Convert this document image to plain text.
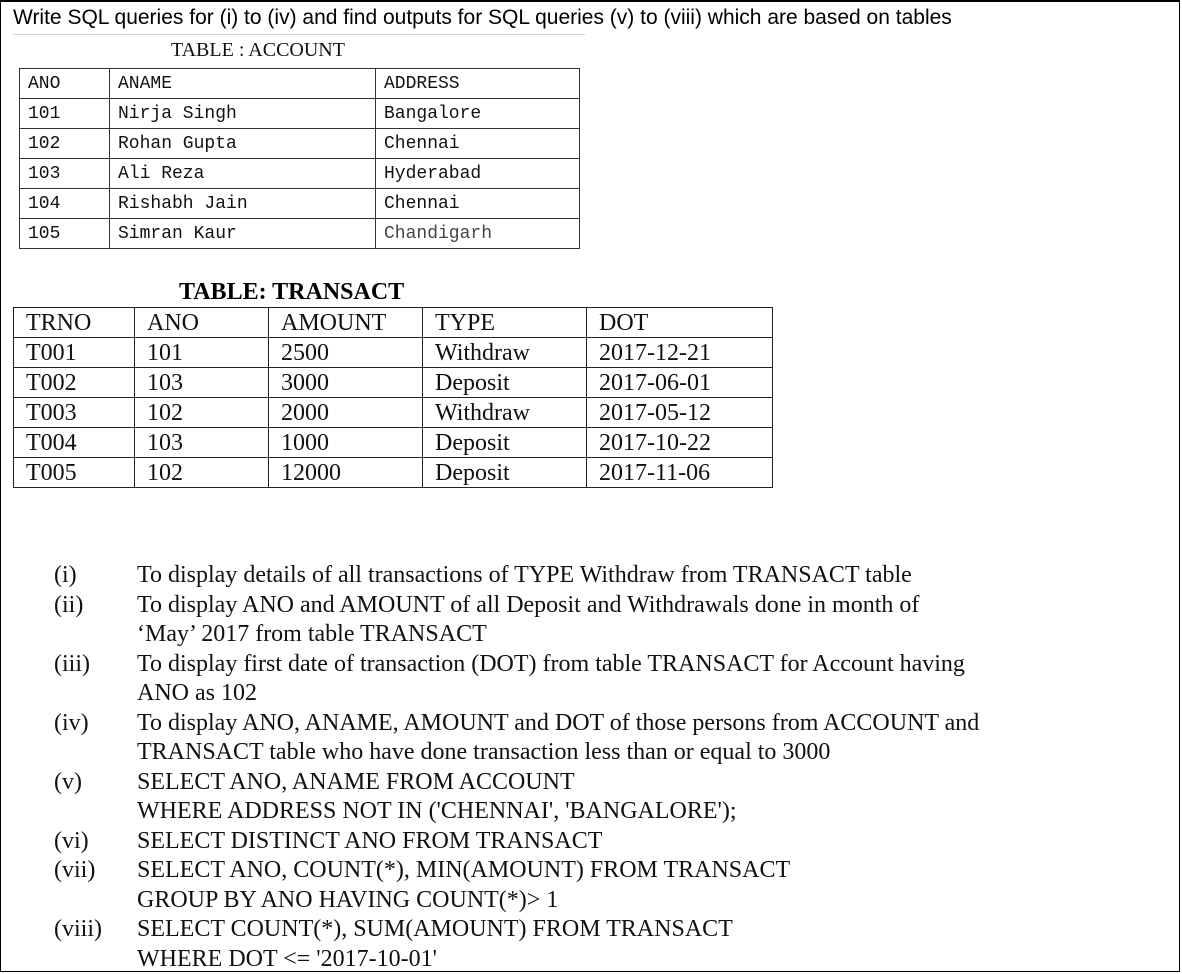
Write SQL queries for (i) to (iv) and find outputs for SQL queries (v) to (viii) which are based on tables
TABLE : ACCOUNT
ANO	ANAME	ADDRESS
101	Nirja Singh	Bangalore
102	Rohan Gupta	Chennai
103	Ali Reza	Hyderabad
104	Rishabh Jain	Chennai
105	Simran Kaur	Chandigarh
TABLE: TRANSACT
TRNO	ANO	AMOUNT	TYPE	DOT
T001	101	2500	Withdraw	2017-12-21
T002	103	3000	Deposit	2017-06-01
T003	102	2000	Withdraw	2017-05-12
T004	103	1000	Deposit	2017-10-22
T005	102	12000	Deposit	2017-11-06
(i)	To display details of all transactions of TYPE Withdraw from TRANSACT table
(ii) To display ANO and AMOUNT of all Deposit and Withdrawals done in month of
‘May’ 2017 from table TRANSACT
(iii) To display first date of transaction (DOT) from table TRANSACT for Account having
ANO as 102
(iv) To display ANO, ANAME, AMOUNT and DOT of those persons from ACCOUNT and
TRANSACT table who have done transaction less than or equal to 3000
(v) SELECT ANO, ANAME FROM ACCOUNT
WHERE ADDRESS NOT IN ('CHENNAI', 'BANGALORE');
(vi) SELECT DISTINCT ANO FROM TRANSACT
(vii) SELECT ANO, COUNT(*), MIN(AMOUNT) FROM TRANSACT
GROUP BY ANO HAVING COUNT(*)> 1
(viii) SELECT COUNT(*), SUM(AMOUNT) FROM TRANSACT
WHERE DOT <= '2017-10-01'
